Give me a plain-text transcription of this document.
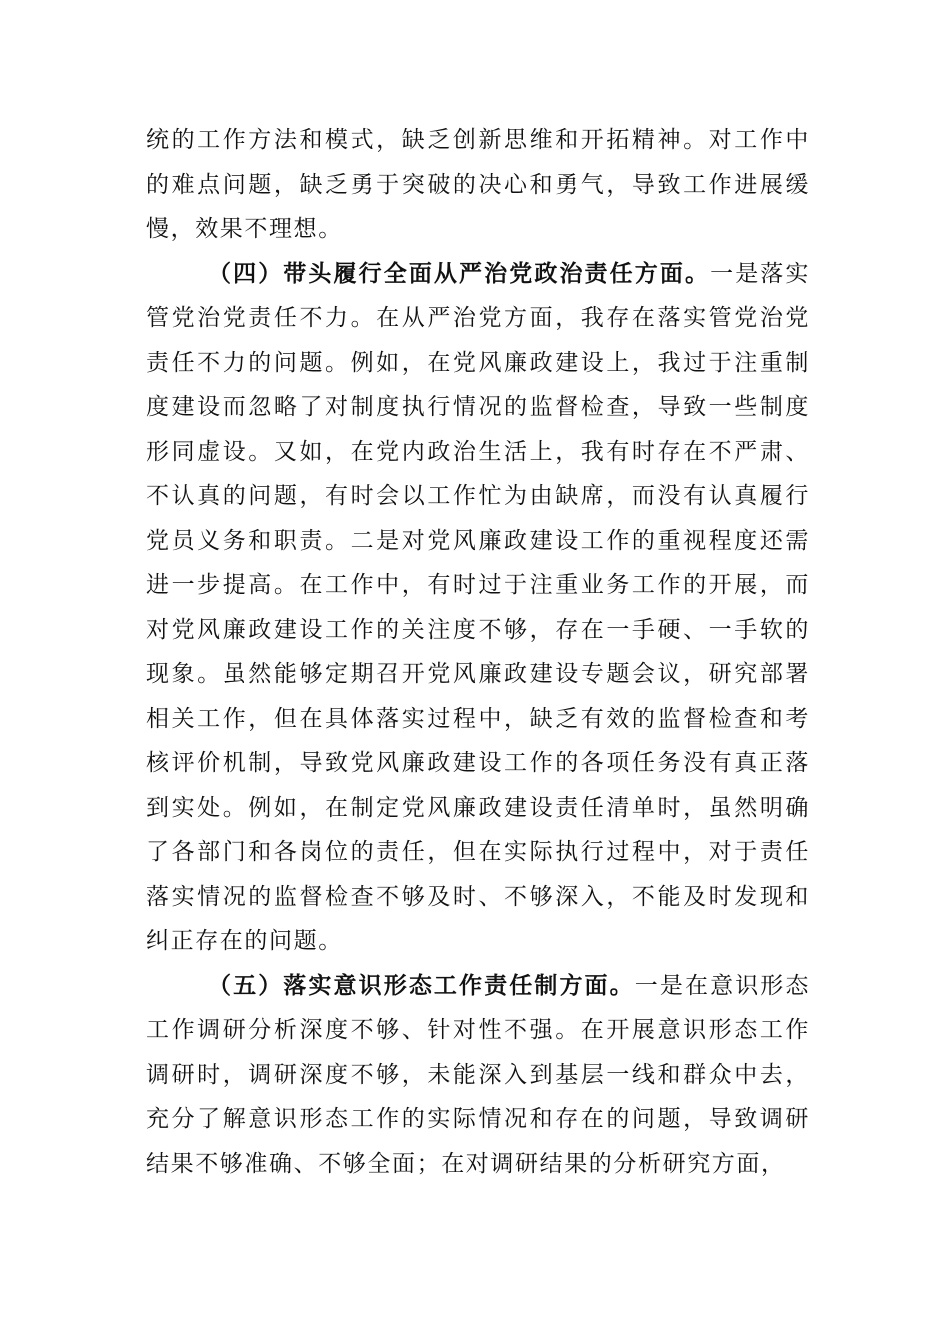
统的工作方法和模式，缺乏创新思维和开拓精神。对工作中的难点问题，缺乏勇于突破的决心和勇气，导致工作进展缓慢，效果不理想。

（四）带头履行全面从严治党政治责任方面。一是落实管党治党责任不力。在从严治党方面，我存在落实管党治党责任不力的问题。例如，在党风廉政建设上，我过于注重制度建设而忽略了对制度执行情况的监督检查，导致一些制度形同虚设。又如，在党内政治生活上，我有时存在不严肃、不认真的问题，有时会以工作忙为由缺席，而没有认真履行党员义务和职责。二是对党风廉政建设工作的重视程度还需进一步提高。在工作中，有时过于注重业务工作的开展，而对党风廉政建设工作的关注度不够，存在一手硬、一手软的现象。虽然能够定期召开党风廉政建设专题会议，研究部署相关工作，但在具体落实过程中，缺乏有效的监督检查和考核评价机制，导致党风廉政建设工作的各项任务没有真正落到实处。例如，在制定党风廉政建设责任清单时，虽然明确了各部门和各岗位的责任，但在实际执行过程中，对于责任落实情况的监督检查不够及时、不够深入，不能及时发现和纠正存在的问题。

（五）落实意识形态工作责任制方面。一是在意识形态工作调研分析深度不够、针对性不强。在开展意识形态工作调研时，调研深度不够，未能深入到基层一线和群众中去，充分了解意识形态工作的实际情况和存在的问题，导致调研结果不够准确、不够全面；在对调研结果的分析研究方面，
